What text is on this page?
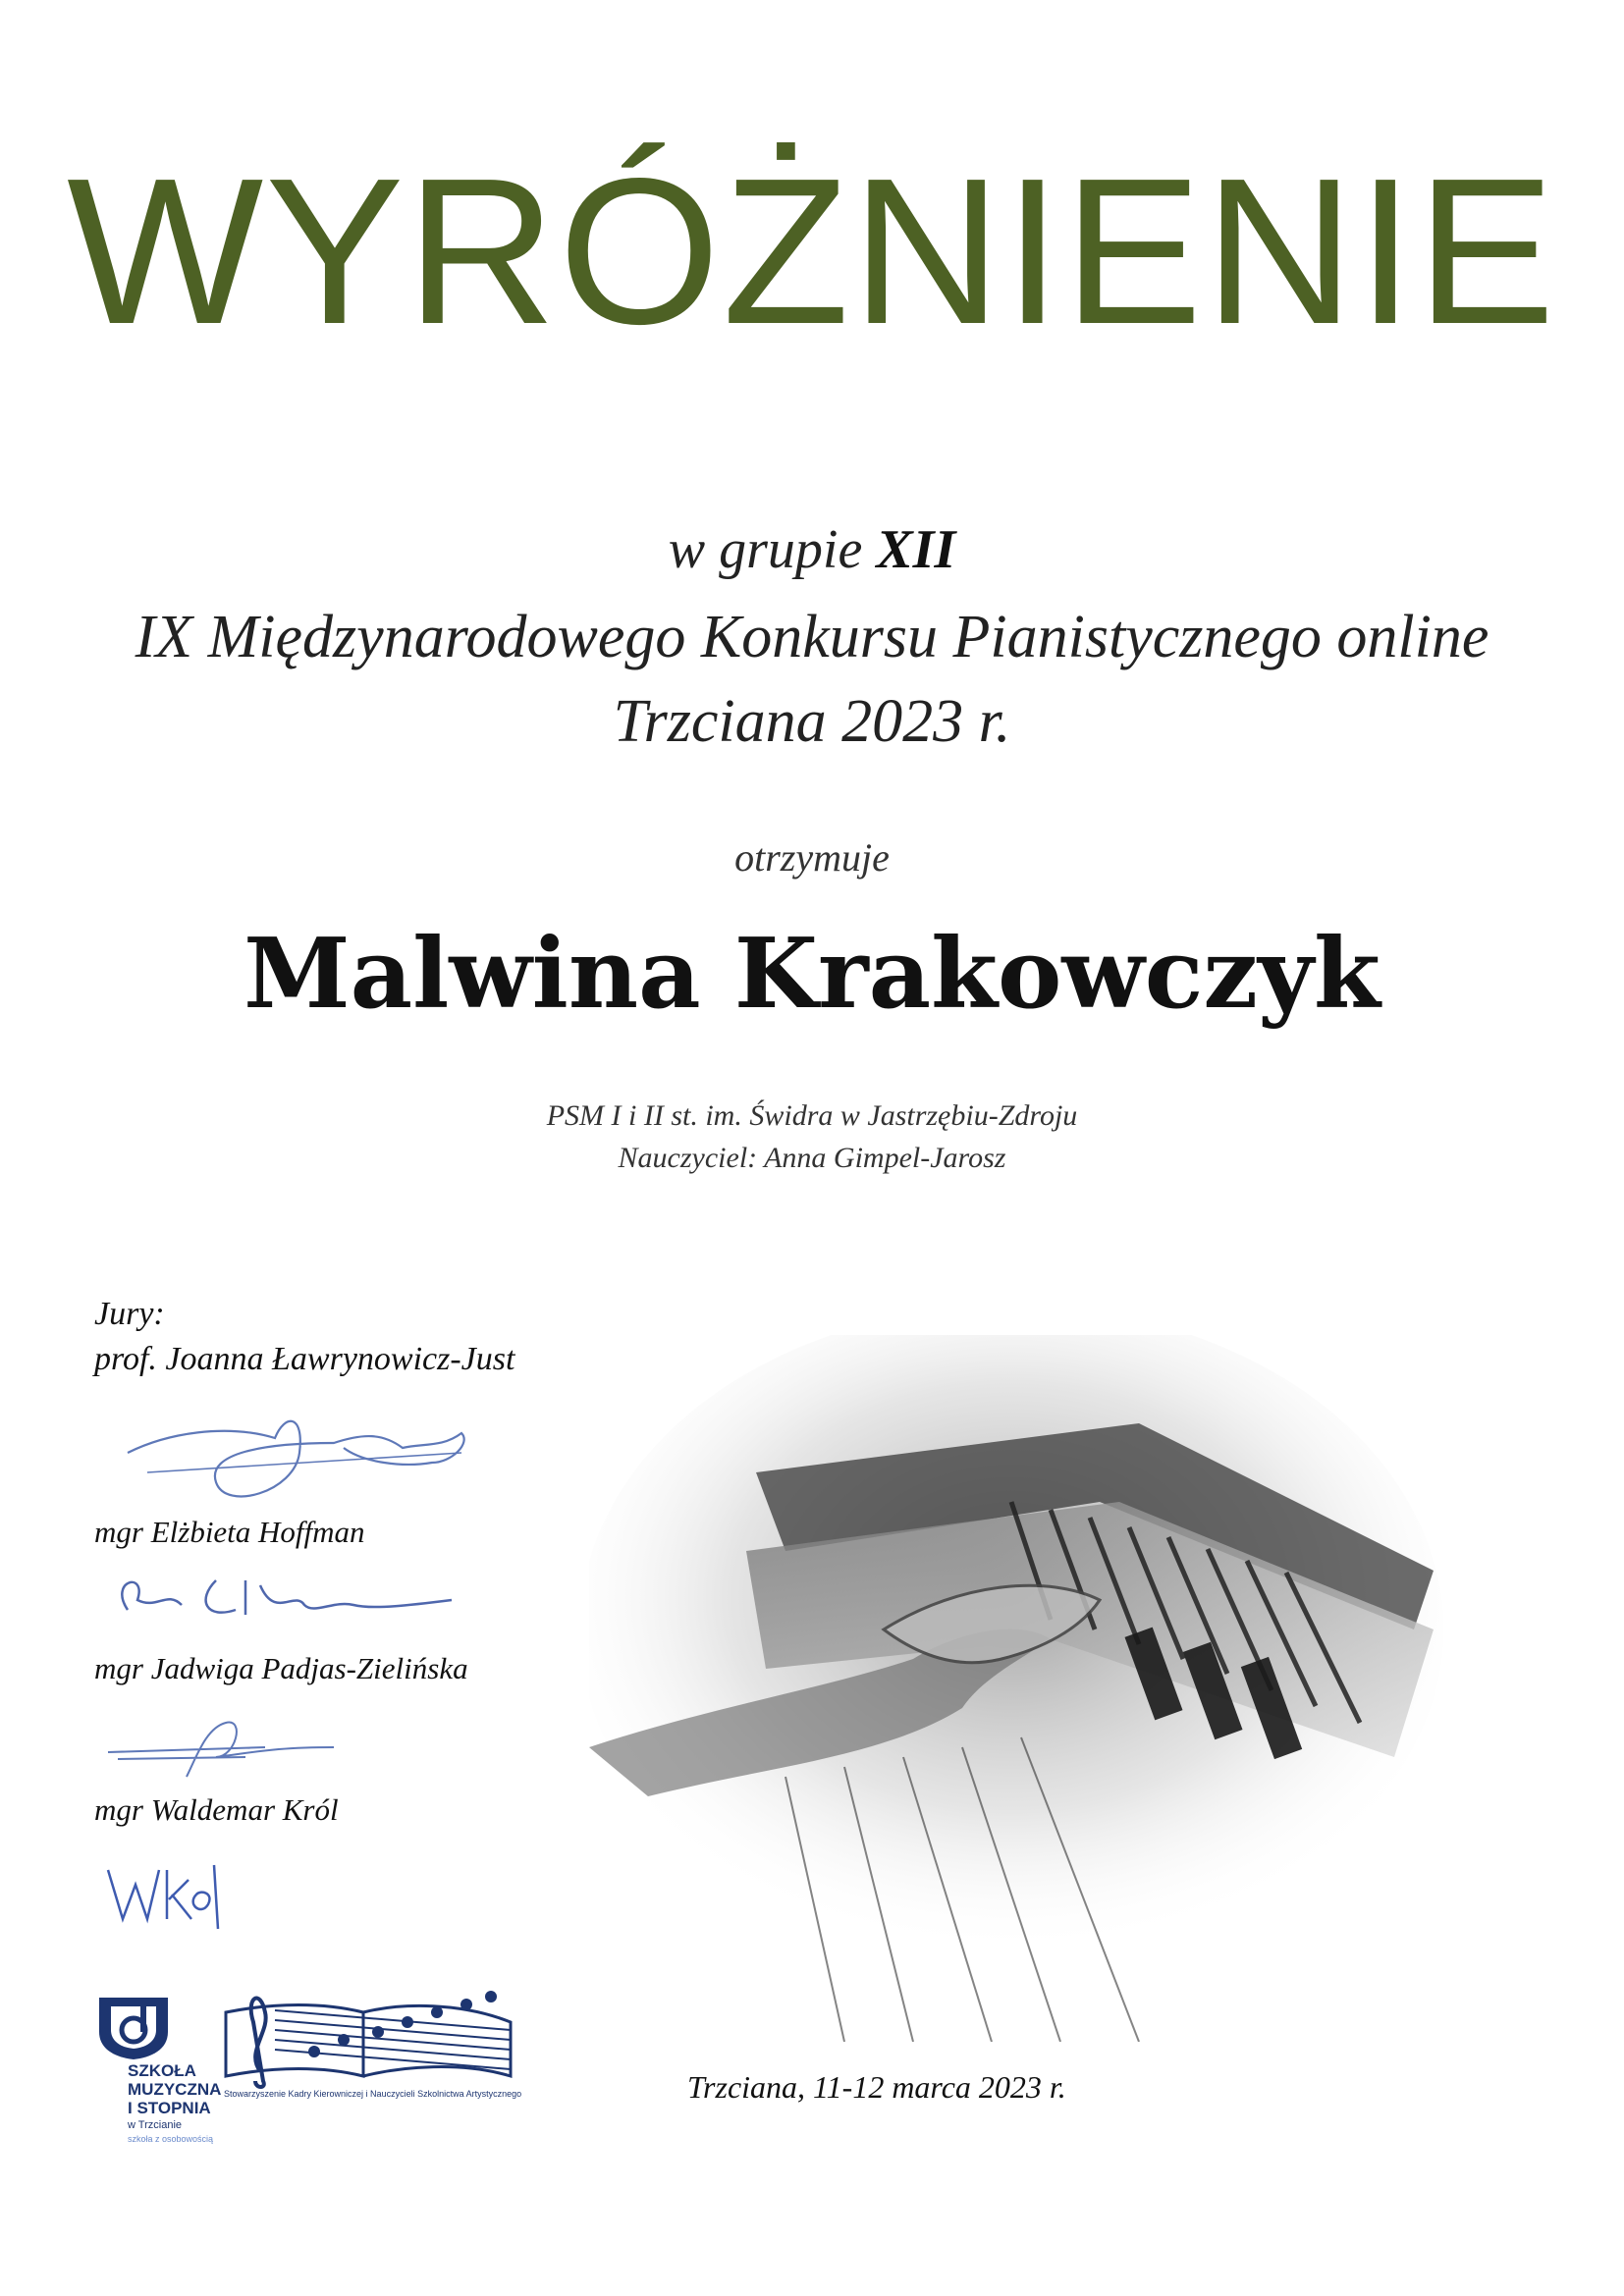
WYRÓŻNIENIE
w grupie XII
IX Międzynarodowego Konkursu Pianistycznego online
Trzciana 2023 r.
otrzymuje
Malwina Krakowczyk
PSM I i II st. im. Świdra w Jastrzębiu-Zdroju
Nauczyciel: Anna Gimpel-Jarosz
Jury:
prof. Joanna Ławrynowicz-Just
mgr Elżbieta Hoffman
mgr Jadwiga Padjas-Zielińska
mgr Waldemar Król
Trzciana, 11-12 marca 2023 r.
SZKOŁA
MUZYCZNA
I STOPNIA
w Trzcianie
szkoła z osobowością
Stowarzyszenie Kadry Kierowniczej i Nauczycieli Szkolnictwa Artystycznego
